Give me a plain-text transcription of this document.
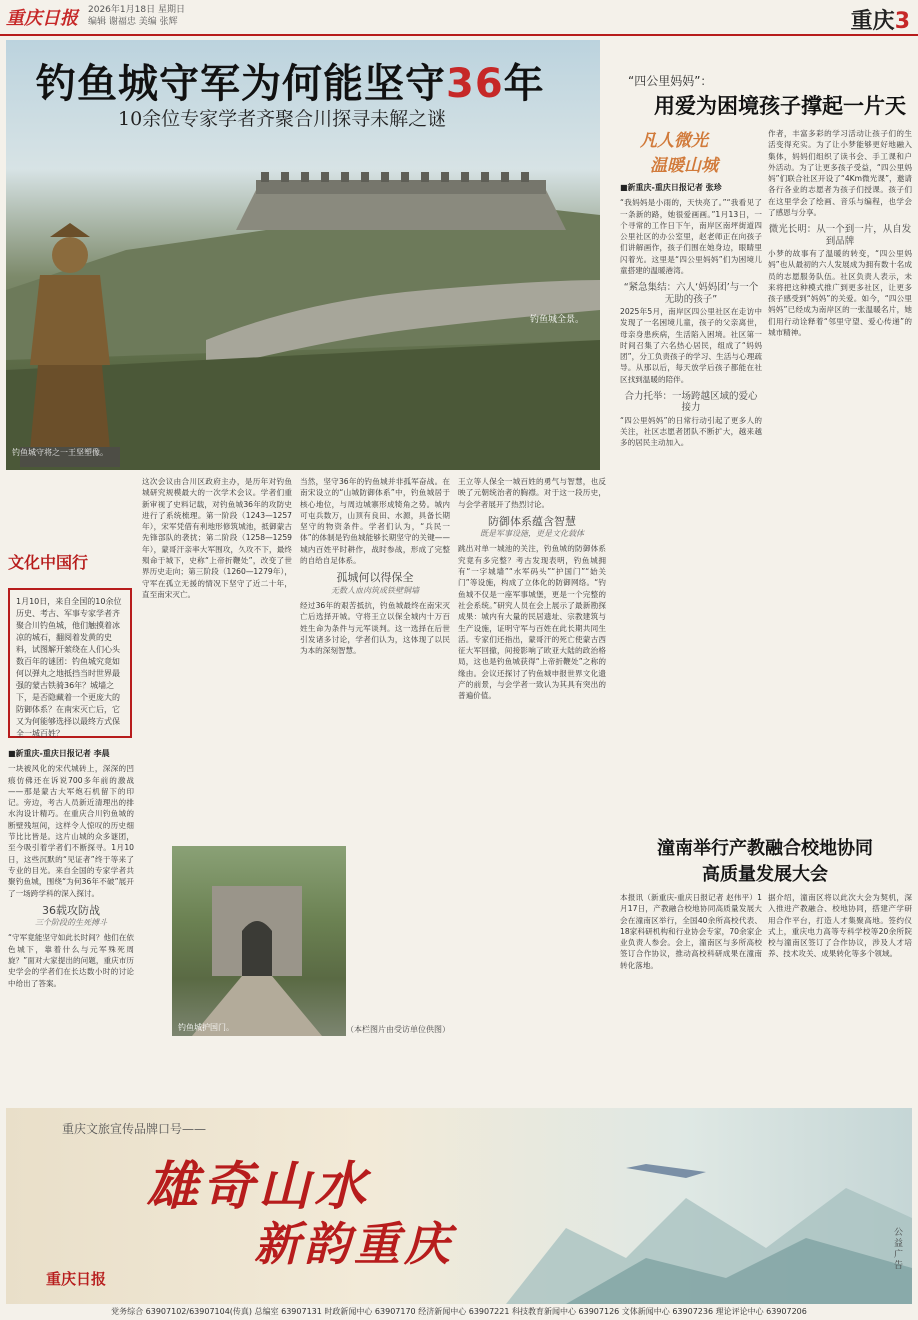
重庆日报 2026年1月18日 星期日
编辑 谢福忠 美编 张辉	重庆3
钓鱼城守军为何能坚守36年
10余位专家学者齐聚合川探寻未解之谜
钓鱼城全景。
钓鱼城守将之一王坚塑像。
文化中国行
1月10日，来自全国的10余位历史、考古、军事专家学者齐聚合川钓鱼城，他们触摸着冰凉的城石，翻阅着发黄的史料，试图解开萦绕在人们心头数百年的谜团：钓鱼城究竟如何以弹丸之地抵挡当时世界最强的蒙古铁骑36年？城墙之下，是否隐藏着一个更庞大的防御体系？在南宋灭亡后，它又为何能够选择以最终方式保全一城百姓？
■新重庆-重庆日报记者 李晨

一块被风化的宋代城砖上，深深的凹痕仿佛还在诉说700多年前的激战——那是蒙古大军炮石机留下的印记。旁边，考古人员新近清理出的排水沟设计精巧。在重庆合川钓鱼城的断壁残垣间，这样令人惊叹的历史细节比比皆是。这片山城的众多谜团，至今吸引着学者们不断探寻。1月10日，这些沉默的“见证者”终于等来了专业的目光。来自全国的专家学者共聚钓鱼城，围绕“为何36年不破”展开了一场跨学科的深入探讨。

36载攻防战
三个阶段的生死搏斗

“守军竟能坚守如此长时间？他们在依色城下，靠着什么与元军殊死周旋？”面对大家提出的问题，重庆市历史学会的学者们在长达数小时的讨论中给出了答案。

这次会议由合川区政府主办，是历年对钓鱼城研究规模最大的一次学术会议。学者们重新审视了史料记载，对钓鱼城36年的攻防史进行了系统梳理。第一阶段（1243—1257年），宋军凭借有利地形修筑城池，抵御蒙古先锋部队的袭扰；第二阶段（1258—1259年），蒙哥汗亲率大军围攻，久攻不下，最终殒命于城下，史称“上帝折鞭处”，改变了世界历史走向；第三阶段（1260—1279年），守军在孤立无援的情况下坚守了近二十年，直至南宋灭亡。

当然，坚守36年的钓鱼城并非孤军奋战。在南宋设立的“山城防御体系”中，钓鱼城居于核心地位，与周边城寨形成犄角之势。城内可屯兵数万，山顶有良田、水源，具备长期坚守的物资条件。学者们认为，“兵民一体”的体制是钓鱼城能够长期坚守的关键——城内百姓平时耕作，战时参战，形成了完整的自给自足体系。

孤城何以得保全
无数人血肉筑成铁壁铜墙

经过36年的艰苦抵抗，钓鱼城最终在南宋灭亡后选择开城。守将王立以保全城内十万百姓生命为条件与元军谈判。这一选择在后世引发诸多讨论，学者们认为，这体现了以民为本的深刻智慧。

王立等人保全一城百姓的勇气与智慧，也反映了元朝统治者的胸襟。对于这一段历史，与会学者展开了热烈讨论。

防御体系蕴含智慧
既是军事设施，更是文化载体

跳出对单一城池的关注，钓鱼城的防御体系究竟有多完整？考古发现表明，钓鱼城拥有“一字城墙”“水军码头”“护国门”“始关门”等设施，构成了立体化的防御网络。“钓鱼城不仅是一座军事城堡，更是一个完整的社会系统。”研究人员在会上展示了最新勘探成果：城内有大量的民居遗址、宗教建筑与生产设施，证明守军与百姓在此长期共同生活。专家们还指出，蒙哥汗的死亡使蒙古西征大军回撤，间接影响了欧亚大陆的政治格局，这也是钓鱼城获得“上帝折鞭处”之称的缘由。会议还探讨了钓鱼城申报世界文化遗产的前景，与会学者一致认为其具有突出的普遍价值。

钓鱼城护国门。	（本栏图片由受访单位供图）
“四公里妈妈”：
用爱为困境孩子撑起一片天
凡人微光
温暖山城
■新重庆-重庆日报记者 张珍

“我妈妈是小雨的，天快亮了。”“我看见了一条新的路，她很爱画画。”1月13日，一个寻常的工作日下午，南岸区南坪街道四公里社区的办公室里，赵老师正在向孩子们讲解画作，孩子们围在她身边，眼睛里闪着光。这里是“四公里妈妈”们为困境儿童搭建的温暖港湾。

“紧急集结：六人‘妈妈团’与一个无助的孩子”

2025年5月，南岸区四公里社区在走访中发现了一名困境儿童，孩子的父亲离世，母亲身患疾病，生活陷入困境。社区第一时间召集了六名热心居民，组成了“妈妈团”，分工负责孩子的学习、生活与心理疏导。从那以后，每天放学后孩子都能在社区找到温暖的陪伴。

合力托举：一场跨越区域的爱心接力

“四公里妈妈”的日常行动引起了更多人的关注，社区志愿者团队不断扩大，越来越多的居民主动加入。

作者，丰富多彩的学习活动让孩子们的生活变得充实。为了让小梦能够更好地融入集体，妈妈们组织了读书会、手工课和户外活动。为了让更多孩子受益，“四公里妈妈”们联合社区开设了“4Km微光课”，邀请各行各业的志愿者为孩子们授课。孩子们在这里学会了绘画、音乐与编程，也学会了感恩与分享。

微光长明：从一个到一片，从自发到品牌

小梦的故事有了温暖的转变，“四公里妈妈”也从最初的六人发展成为拥有数十名成员的志愿服务队伍。社区负责人表示，未来将把这种模式推广到更多社区，让更多孩子感受到“妈妈”的关爱。如今，“四公里妈妈”已经成为南岸区的一张温暖名片，她们用行动诠释着“邻里守望、爱心传递”的城市精神。

潼南举行产教融合校地协同
高质量发展大会
本报讯（新重庆-重庆日报记者 赵伟平）1月17日，产教融合校地协同高质量发展大会在潼南区举行，全国40余所高校代表、18家科研机构和行业协会专家，70余家企业负责人参会。会上，潼南区与多所高校签订合作协议，推动高校科研成果在潼南转化落地。
据介绍，潼南区将以此次大会为契机，深入推进产教融合、校地协同，搭建产学研用合作平台，打造人才集聚高地。签约仪式上，重庆电力高等专科学校等20余所院校与潼南区签订了合作协议，涉及人才培养、技术攻关、成果转化等多个领域。
重庆文旅宣传品牌口号——
雄奇山水
新韵重庆
重庆日报
公益广告
党务综合 63907102/63907104(传真) 总编室 63907131 时政新闻中心 63907170 经济新闻中心 63907221 科技教育新闻中心 63907126 文体新闻中心 63907236 理论评论中心 63907206
